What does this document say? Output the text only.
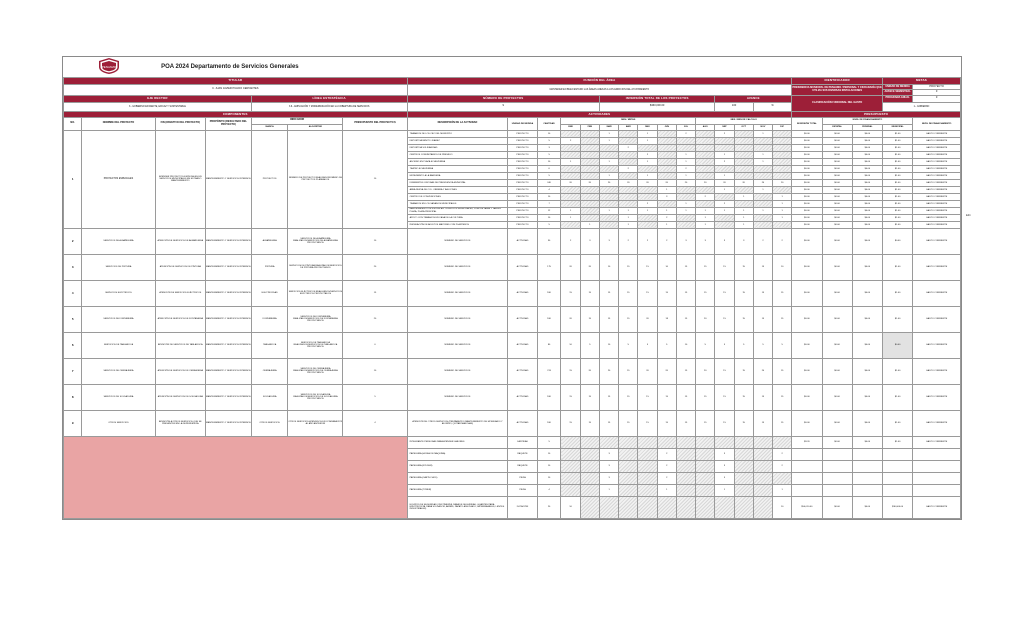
PENJAMO		POA 2024 Departamento de Servicios Generales																								
TITULAR							FUNCIÓN DEL ÁREA															IDENTIFICADOR			METAS	
C. JUAN JAVIER PULIDO CERVANTES							MANTENER EN BUEN ESTADO LAS ÁREAS ANEXAS A LOS EDIFICIOS DEL AYUNTAMIENTO															PRESIDENCIA MUNICIPAL DE PENJAMO / PERSONAL Y CIUDADANÍA QUE UTILIZA SUS DIVERSAS INSTALACIONES			UNIDAD DE MEDIDA	PROYECTO
																									AVANCE SEMESTRAL	0
EJE RECTOR				LÍNEA ESTRATÉGICA			NÚMERO DE PROYECTOS					INVERSIÓN TOTAL DE LOS PROYECTOS						AVANCE				CLASIFICACIÓN FUNCIONAL DEL GASTO			PROGRAMA ANUAL	0
3.- GOBIERNO EFICIENTE, EFICAZ Y SUSTENTABLE				3.6.- AMPLIACIÓN Y MODERNIZACIÓN EN LA COBERTURA DE SERVICIOS			9					$360,000.00						100		%					1.- GOBIERNO	
COMPONENTES							ACTIVIDADES															PRESUPUESTO				
NO.	NOMBRE DEL PROYECTO	FIN (OBJETIVO DEL PROYECTO)	PROPÓSITO (RESULTADO DEL PROYECTO)	INDICADOR		PRESUPUESTO DEL PROYECTO $	DESCRIPCIÓN DE LA ACTIVIDAD	UNIDAD DE MEDIDA	CANTIDAD	MES / METAS							MES / MES DE CALCULO					INVERSIÓN TOTAL	NIVEL DE FINANCIAMIENTO			NIVEL DE FINANCIAMIENTO
				MARCA	ALGORITMO					ENE	FEB	MAR	ABR	MAY	JUN	JUL	AGO	SEP	OCT	NOV	DIC		ESTATAL	FEDERAL	MUNICIPAL	
1	PROYECTOS ESPECIALES	ATENDER PROYECTOS ESPECIALES EN SERVICIOS MUNICIPALES EN ESTRADO MANTENIMIENTO	MANTENIMIENTO Y SERVICIOS INTERNOS	PROYECTOS	NÚMERO DE PROYECTO REALIZADO/NÚMERO DE PROYECTOS PLANEADOS	10	TRABAJOS DE LOS CEC DEL MUNICIPIO	PROYECTO	10			1		1		2		2		1		$0.00	$0.00	$0.00	$1.00	GASTO CORRIENTE
							DEPORTIVA BENITO JUÁREZ	PROYECTO	5	2		1		1								$0.00	$0.00	$0.00	$1.00	GASTO CORRIENTE
							DEPORTIVA SOLIDARIDAD	PROYECTO	3				2									$0.00	$0.00	$0.00	$1.00	GASTO CORRIENTE
							CENTROS COMUNITARIOS DE PRESIDIO	PROYECTO	5					2		1		1		1		$0.00	$0.00	$0.00	$1.00	GASTO CORRIENTE
							ADORNO EN PLAZA ECHEVERRÍA	PROYECTO	10	1		1		1		1		2		1		$0.00	$0.00	$0.00	$1.00	GASTO CORRIENTE
							TEATRO ECHEVERRÍA	PROYECTO	6				2			2						$0.00	$0.00	$0.00	$1.00	GASTO CORRIENTE
							MONUMENTO A LA BANDERA	PROYECTO	5			1		1		1		1				$0.00	$0.00	$0.00	$1.00	GASTO CORRIENTE
							DIFERENTES OFICINAS DE PRESIDENCIA MUNICIPAL	PROYECTO	240	20	20	20	20	20	20	20	20	20	20	20	20	$0.00	$0.00	$0.00	$1.00	GASTO CORRIENTE
							ÁREA NUEVA DE COL. OBRERA Y BALCONES	PROYECTO	4						1			1		1		$0.00	$0.00	$0.00	$1.00	GASTO CORRIENTE
							CENTRO DE CONVENCIONES	PROYECTO	10						3		2		1		1	$0.00	$0.00	$0.00	$1.00	GASTO CORRIENTE
							TRABAJOS EN LOS SANANOS MUNICIPALES	PROYECTO	7					2		1		2			1	$0.00	$0.00	$0.00	$1.00	GASTO CORRIENTE
							MANTENIMIENTO DE ESCUELAS Y EDIFICIOS MUNICIPALES, JOSE DE JAIME Y JARDÍN PLAZA, PLAZA PRINCIPAL	PROYECTO	12	1		1	1	1	1	1	1	1	1	1	1	$0.00	$0.00	$0.00	$1.00	GASTO CORRIENTE
							APOYO CON TRABAJOS EN CASA DE LA CULTURA	PROYECTO	10	1			1		2		1		1		1	$0.00	$0.00	$0.00	$1.00	GASTO CORRIENTE
							INSTALACIÓN DE ADULTOS MAYORES CON PLANTEROS	PROYECTO	5		1		1		1		1		1			$0.00	$0.00	$0.00	$1.00	GASTO CORRIENTE
2	SERVICIOS DE ALBAÑILERÍA	ATENCIÓN DE SERVICIOS DE ALBAÑILERÍA	MANTENIMIENTO Y SERVICIOS INTERNOS	ALBAÑILERÍA	SERVICIOS DE ALBAÑILERÍA REALIZADOS/SERVICIOS DE ALBAÑILERÍA PROYECTADOS	10	NÚMERO DE SERVICIOS	ACTIVIDAD	30	2	3	3	2	2	2	3	3	3	3	2	2	$0.00	$0.00	$0.00	$0.00	GASTO CORRIENTE
3	SERVICIOS DE PINTURA	ATENCIÓN DE SERVICIOS DE PINTURA	MANTENIMIENTO Y SERVICIOS INTERNOS	PINTURA	SERVICIOS DE PINTURA REALIZADOS/SERVICIOS DE PINTURA PROYECTADOS	20	NÚMERO DE SERVICIOS	ACTIVIDAD	175	20	20	10	15	15	10	15	15	15	15	15	10	$0.00	$0.00	$0.00	$1.00	GASTO CORRIENTE
4	SERVICIOS ELÉCTRICOS	ATENCIÓN DE SERVICIOS ELÉCTRICOS	MANTENIMIENTO Y SERVICIOS INTERNOS	ELECTRICIDAD	SERVICIOS ELÉCTRICOS REALIZADOS/SERVICIOS ELÉCTRICOS PROYECTADOS	15	NÚMERO DE SERVICIOS	ACTIVIDAD	180	15	15	15	15	15	15	15	15	15	15	15	15	$0.00	$0.00	$0.00	$1.00	GASTO CORRIENTE
5	SERVICIOS DE FONTANERÍA	ATENCIÓN DE SERVICIOS DE FONTANERÍA	MANTENIMIENTO Y SERVICIOS INTERNOS	FONTANERÍA	SERVICIOS DE FONTANERÍA REALIZADOS/SERVICIOS DE FONTANERÍA PROYECTADOS	20	NÚMERO DE SERVICIOS	ACTIVIDAD	180	20	15	15	15	20	18	15	20	15	15	15	15	$0.00	$0.00	$0.00	$1.00	GASTO CORRIENTE
6	SERVICIOS DE TABLAROCA	ATENCIÓN DE SERVICIOS DE TABLAROCA	MANTENIMIENTO Y SERVICIOS INTERNOS	TABLAROCA	SERVICIOS DE TABLAROCA REALIZADOS/SERVICIOS DE TABLAROCA PROYECTADOS	0	NÚMERO DE SERVICIOS	ACTIVIDAD	80	10	5	10	5	5	5	10	5	5	5	5	5	$0.00	$0.00	$0.00	$0.00	GASTO CORRIENTE
7	SERVICIOS DE CERRAJERÍA	ATENCIÓN DE SERVICIOS DE CERRAJERÍA	MANTENIMIENTO Y SERVICIOS INTERNOS	CERRAJERÍA	SERVICIOS DE CERRAJERÍA REALIZADOS/SERVICIOS DE CERRAJERÍA PROYECTADOS	10	NÚMERO DE SERVICIOS	ACTIVIDAD	213	15	20	20	15	20	20	15	20	15	15	20	15	$0.00	$0.00	$0.00	$1.00	GASTO CORRIENTE
8	SERVICIOS DE SOLDADURA	ATENCIÓN DE SERVICIOS DE SOLDADURA	MANTENIMIENTO Y SERVICIOS INTERNOS	SOLDADURA	SERVICIOS DE SOLDADURA REALIZADOS/SERVICIOS DE SOLDADURA PROYECTADOS	5	NÚMERO DE SERVICIOS	ACTIVIDAD	180	15	15	15	15	15	15	15	15	15	15	15	15	$0.00	$0.00	$0.00	$1.00	GASTO CORRIENTE
9	OTROS SERVICIOS	ATENCIÓN A OTROS SERVICIOS QUE SE PRESENTEN EN LA DEPENDENCIA	MANTENIMIENTO Y SERVICIOS INTERNOS	OTROS SERVICIOS	OTROS SERVICIOS ATENDIDOS EN COMPARACIÓN AL AÑO ANTERIOR	4	ATENCIÓN DE OTROS SERVICIOS (PREPARATIVO MANTENIMIENTO DE MOBILIARIO Y ADORNO, QUITAR MANCHAS)	ACTIVIDAD	180	15	15	15	15	15	15	15	15	15	15	15	15	$0.00	$0.00	$0.00	$1.00	GASTO CORRIENTE
							INTEGRANTE PERSONAS PARA ATENDER LABORES	CANTIDAD	5													$9.20	$0.00	$0.00	$1.00	GASTO CORRIENTE
							PAPELERÍA (HOJAS DE MÁQUINA)	PAQUETE	10			3			2			3			2					
							PAPELERÍA (FÓLDER)	PAQUETE	10			3			2			3			2					
							PAPELERÍA (CARTUCHOS)	PIEZA	10			3			2			5								
							PAPELERÍA (TÓNER)	PIEZA	4			1			1			1			1					
							EQUIPOS DE SEGURIDAD (VESTIMENTA, PARA DE SEGURIDAD, GUANTES PARA ELECTRICISTA, PARA SOLDADOR, ARNÉS, ZAPATO ADECUADO, IMPERMEABLES, LENTES INDUSTRIALES)	DOTACIÓN	20	10											10	$50,010.40	$0.00	$0.00	$36,000.00	GASTO CORRIENTE
Edit
